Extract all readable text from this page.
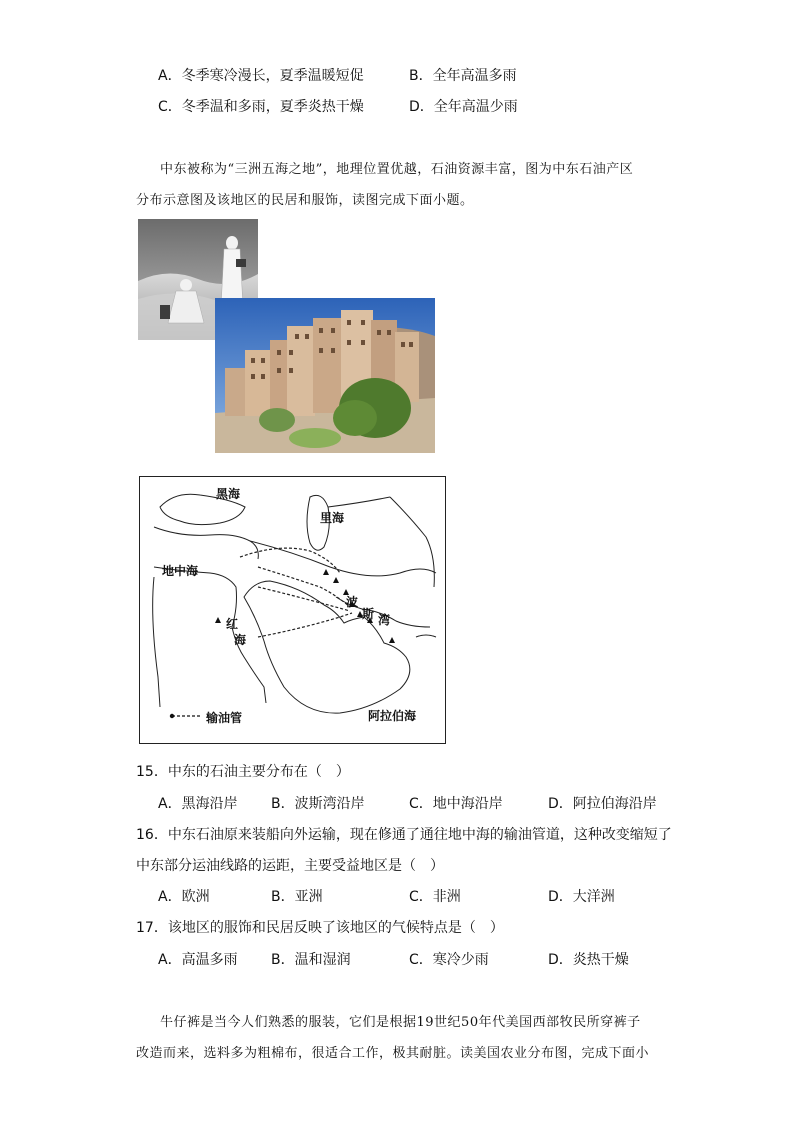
A．冬季寒冷漫长，夏季温暖短促	B．全年高温多雨
C．冬季温和多雨，夏季炎热干燥	D．全年高温少雨
中东被称为“三洲五海之地”，地理位置优越，石油资源丰富，图为中东石油产区
分布示意图及该地区的民居和服饰，读图完成下面小题。
黑海
里海
地中海
红
海
波
斯 湾
阿拉伯海
输油管
15．中东的石油主要分布在（　）
A．黑海沿岸 B．波斯湾沿岸	C．地中海沿岸	D．阿拉伯海沿岸
16．中东石油原来装船向外运输，现在修通了通往地中海的输油管道，这种改变缩短了
中东部分运油线路的运距，主要受益地区是（　）
A．欧洲	B．亚洲	C．非洲	D．大洋洲
17．该地区的服饰和民居反映了该地区的气候特点是（　）
A．高温多雨 B．温和湿润	C．寒冷少雨	D．炎热干燥
牛仔裤是当今人们熟悉的服装，它们是根据19世纪50年代美国西部牧民所穿裤子
改造而来，选料多为粗棉布，很适合工作，极其耐脏。读美国农业分布图，完成下面小
